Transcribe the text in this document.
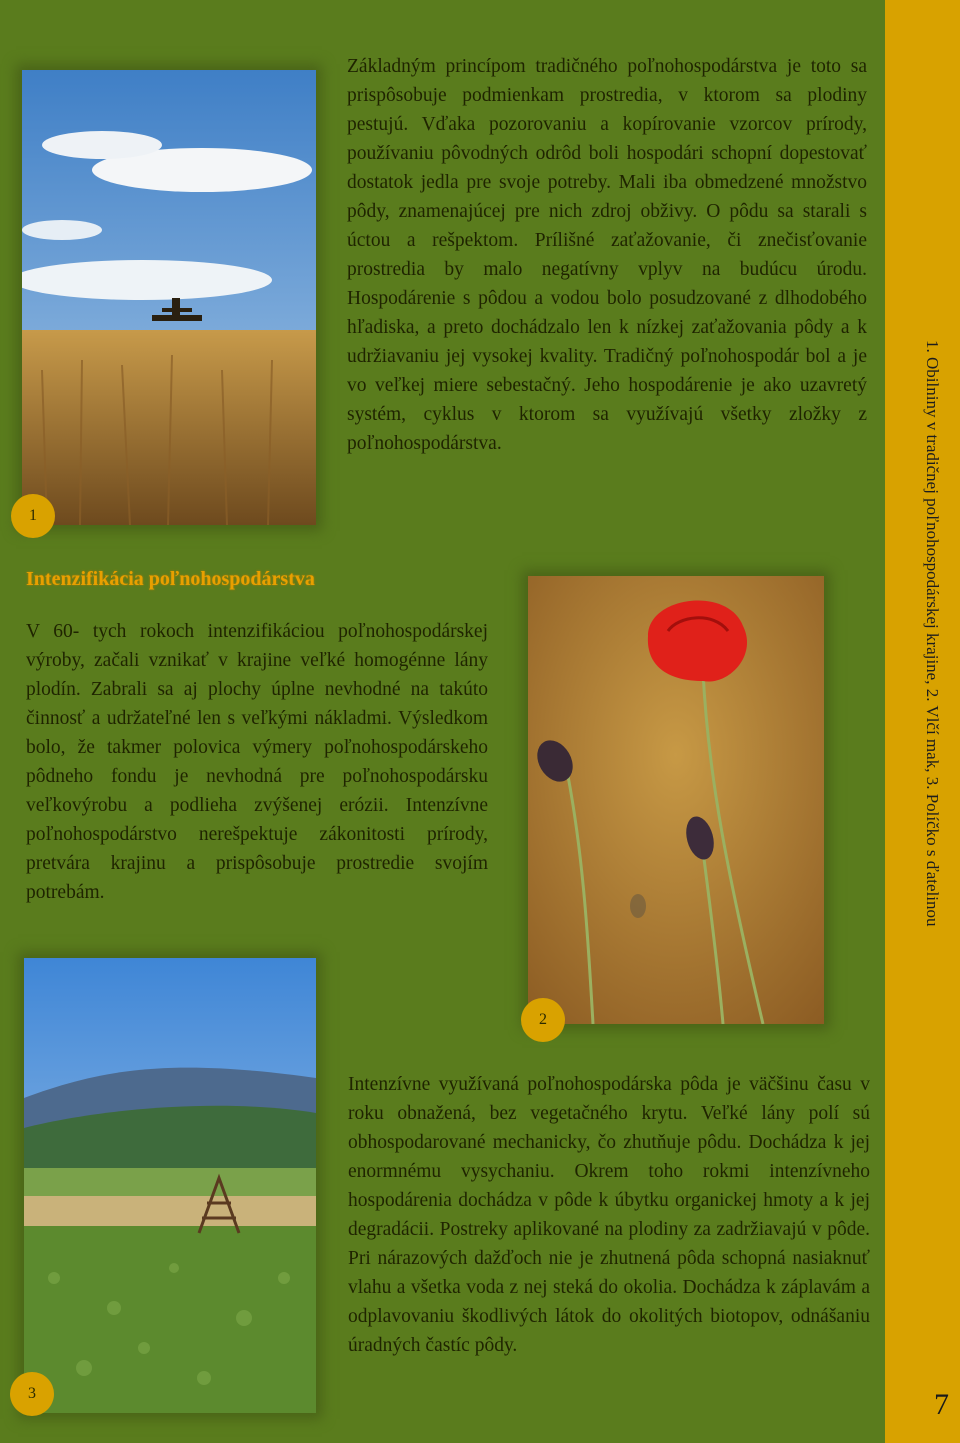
1. Obilniny v tradičnej poľnohospodárskej krajine, 2. Vlčí mak, 3. Políčko s ďatelinou
7
1
2
3

Základným princípom tradičného poľnohospodárstva je toto sa prispôsobuje podmienkam prostredia, v ktorom sa plodiny pestujú. Vďaka pozorovaniu a kopírovanie vzorcov prírody, používaniu pôvodných odrôd boli hospodári schopní dopestovať dostatok jedla pre svoje potreby. Mali iba obmedzené množstvo pôdy, znamenajúcej pre nich zdroj obživy. O pôdu sa starali s úctou a rešpektom. Prílišné zaťažovanie, či znečisťovanie prostredia by malo negatívny vplyv na budúcu úrodu. Hospodárenie s pôdou a vodou bolo posudzované z dlhodobého hľadiska, a preto dochádzalo len k nízkej zaťažovania pôdy a k udržiavaniu jej vysokej kvality. Tradičný poľnohospodár bol a je vo veľkej miere sebestačný. Jeho hospodárenie je ako uzavretý systém, cyklus v ktorom sa využívajú všetky zložky z poľnohospodárstva.

Intenzifikácia poľnohospodárstva

V 60- tych rokoch intenzifikáciou poľnohospodárskej výroby, začali vznikať v krajine veľké homogénne lány plodín. Zabrali sa aj plochy úplne nevhodné na takúto činnosť a udržateľné len s veľkými nákladmi. Výsledkom bolo, že takmer polovica výmery poľnohospodárskeho pôdneho fondu je nevhodná pre poľnohospodársku veľkovýrobu a podlieha zvýšenej erózii. Intenzívne poľnohospodárstvo nerešpektuje zákonitosti prírody, pretvára krajinu a prispôsobuje prostredie svojím potrebám.

Intenzívne využívaná poľnohospodárska pôda je väčšinu času v roku obnažená, bez vegetačného krytu. Veľké lány polí sú obhospodarované mechanicky, čo zhutňuje pôdu. Dochádza k jej enormnému vysychaniu. Okrem toho rokmi intenzívneho hospodárenia dochádza v pôde k úbytku organickej hmoty a k jej degradácii. Postreky aplikované na plodiny za zadržiavajú v pôde. Pri nárazových dažďoch nie je zhutnená pôda schopná nasiaknuť vlahu a všetka voda z nej steká do okolia. Dochádza k záplavám a odplavovaniu škodlivých látok do okolitých biotopov, odnášaniu úradných častíc pôdy.
